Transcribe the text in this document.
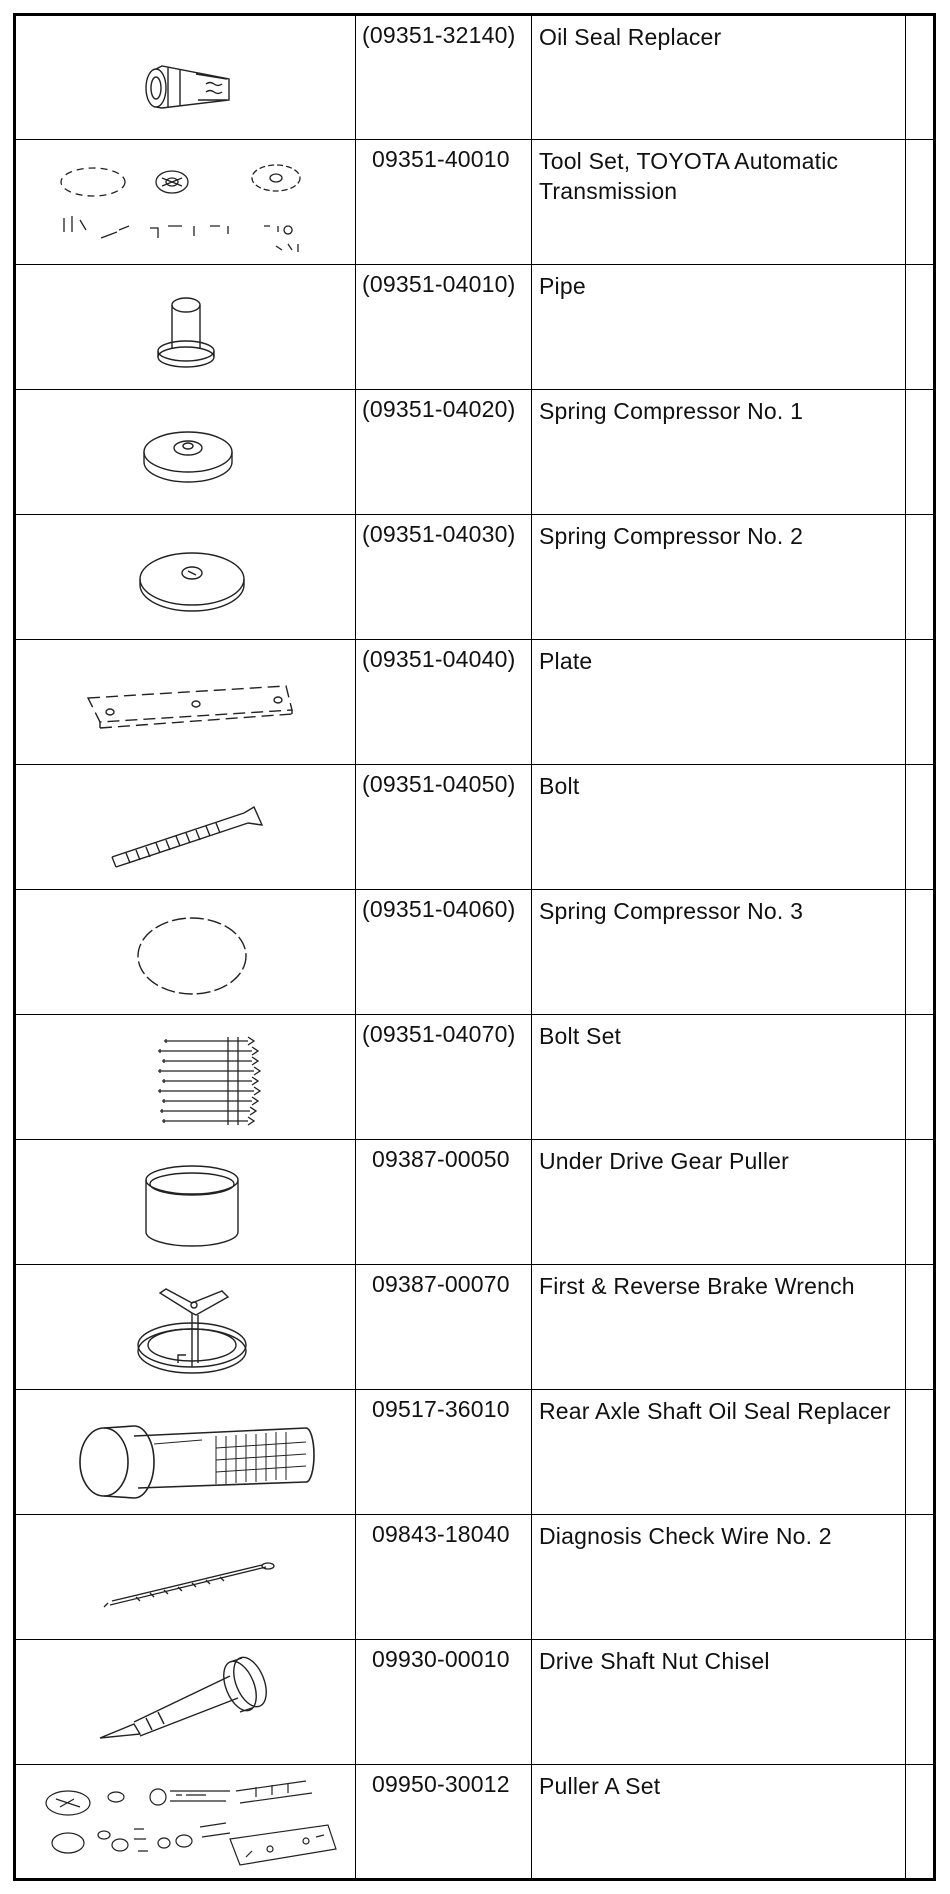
(09351-32140)	Oil Seal Replacer
09351-40010	Tool Set, TOYOTA Automatic Transmission
(09351-04010)	Pipe
(09351-04020)	Spring Compressor No. 1
(09351-04030)	Spring Compressor No. 2
(09351-04040)	Plate
(09351-04050)	Bolt
(09351-04060)	Spring Compressor No. 3
(09351-04070)	Bolt Set
09387-00050	Under Drive Gear Puller
09387-00070	First & Reverse Brake Wrench
09517-36010	Rear Axle Shaft Oil Seal Replacer
09843-18040	Diagnosis Check Wire No. 2
09930-00010	Drive Shaft Nut Chisel
09950-30012	Puller A Set
